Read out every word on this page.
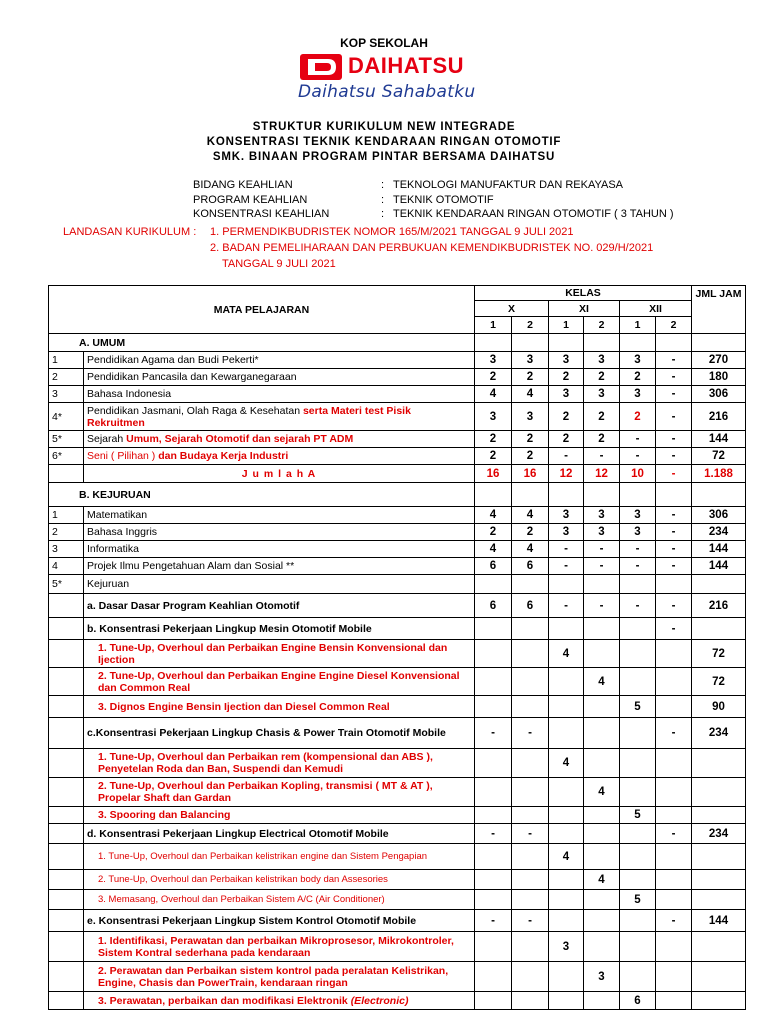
KOP SEKOLAH
DAIHATSU
Daihatsu Sahabatku
STRUKTUR KURIKULUM NEW INTEGRADE
KONSENTRASI TEKNIK KENDARAAN RINGAN OTOMOTIF
SMK. BINAAN PROGRAM PINTAR BERSAMA DAIHATSU
BIDANG KEAHLIAN	: TEKNOLOGI MANUFAKTUR DAN REKAYASA
PROGRAM KEAHLIAN	: TEKNIK OTOMOTIF
KONSENTRASI KEAHLIAN	: TEKNIK KENDARAAN RINGAN OTOMOTIF ( 3 TAHUN )
LANDASAN KURIKULUM : 1. PERMENDIKBUDRISTEK NOMOR 165/M/2021 TANGGAL 9 JULI 2021
2. BADAN PEMELIHARAAN DAN PERBUKUAN KEMENDIKBUDRISTEK NO. 029/H/2021
TANGGAL 9 JULI 2021
MATA PELAJARAN		KELAS						JML JAM
		X		XI		XII		
		1	2	1	2	1	2	
A. UMUM								
1	Pendidikan Agama dan Budi Pekerti*	3	3	3	3	3	-	270
2	Pendidikan Pancasila dan Kewarganegaraan	2	2	2	2	2	-	180
3	Bahasa Indonesia	4	4	3	3	3	-	306
4*	Pendidikan Jasmani, Olah Raga & Kesehatan serta Materi test Pisik Rekruitmen	3	3	2	2	2	-	216
5*	Sejarah Umum, Sejarah Otomotif dan sejarah PT ADM	2	2	2	2	-	-	144
6*	Seni ( Pilihan ) dan Budaya Kerja Industri	2	2	-	-	-	-	72
	J u m l a h A	16	16	12	12	10	-	1.188
B. KEJURUAN								
1	Matematikan	4	4	3	3	3	-	306
2	Bahasa Inggris	2	2	3	3	3	-	234
3	Informatika	4	4	-	-	-	-	144
4	Projek Ilmu Pengetahuan Alam dan Sosial **	6	6	-	-	-	-	144
5*	Kejuruan							
	a. Dasar Dasar Program Keahlian Otomotif	6	6	-	-	-	-	216
	b. Konsentrasi Pekerjaan Lingkup Mesin Otomotif Mobile						-	
	1. Tune-Up, Overhoul dan Perbaikan Engine Bensin Konvensional dan Ijection			4				72
	2. Tune-Up, Overhoul dan Perbaikan Engine Engine Diesel Konvensional dan Common Real				4			72
	3. Dignos Engine Bensin Ijection dan Diesel Common Real					5		90
	c.Konsentrasi Pekerjaan Lingkup Chasis & Power Train Otomotif Mobile	-	-				-	234
	1. Tune-Up, Overhoul dan Perbaikan rem (kompensional dan ABS ), Penyetelan Roda dan Ban, Suspendi dan Kemudi			4				
	2. Tune-Up, Overhoul dan Perbaikan Kopling, transmisi ( MT & AT ), Propelar Shaft dan Gardan				4			
	3. Spooring dan Balancing					5		
	d. Konsentrasi Pekerjaan Lingkup Electrical Otomotif Mobile	-	-				-	234
	1. Tune-Up, Overhoul dan Perbaikan kelistrikan engine dan Sistem Pengapian			4				
	2. Tune-Up, Overhoul dan Perbaikan kelistrikan body dan Assesories				4			
	3. Memasang, Overhoul dan Perbaikan Sistem A/C (Air Conditioner)					5		
	e. Konsentrasi Pekerjaan Lingkup Sistem Kontrol Otomotif Mobile	-	-				-	144
	1. Identifikasi, Perawatan dan perbaikan Mikroprosesor, Mikrokontroler, Sistem Kontral sederhana pada kendaraan			3				
	2. Perawatan dan Perbaikan sistem kontrol pada peralatan Kelistrikan, Engine, Chasis dan PowerTrain, kendaraan ringan				3			
	3. Perawatan, perbaikan dan modifikasi Elektronik (Electronic)					6		
